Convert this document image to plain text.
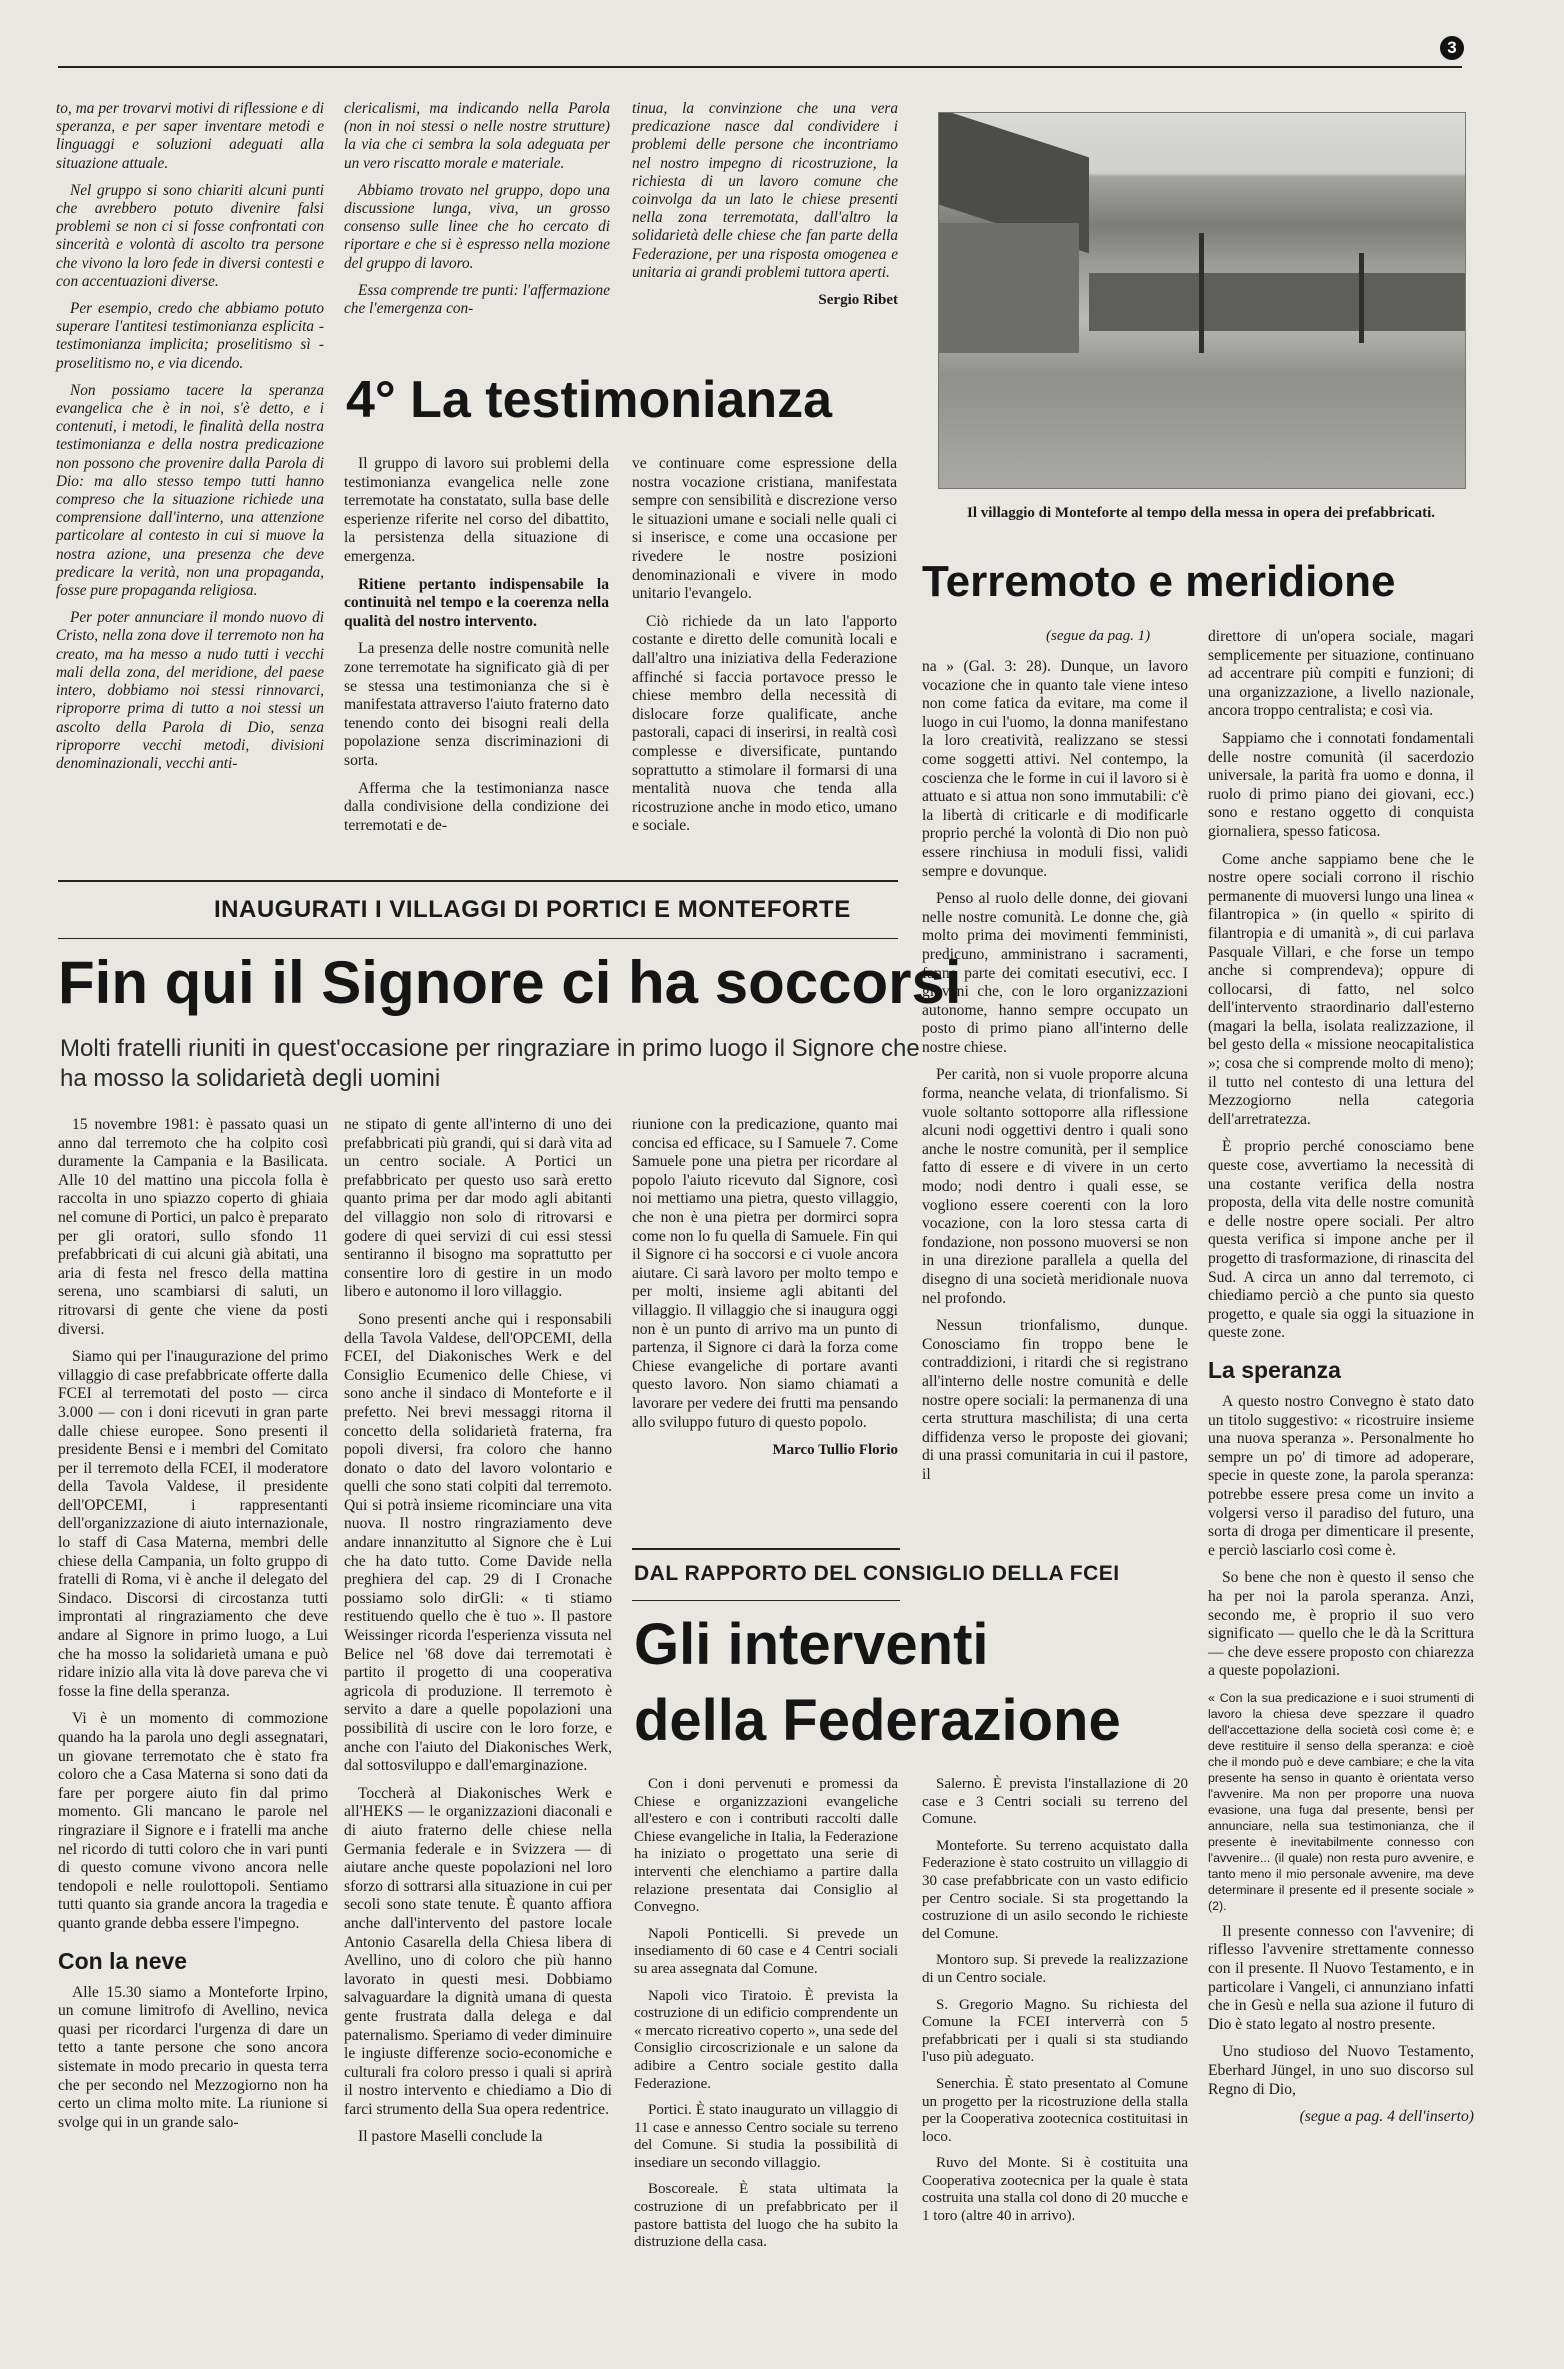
3

to, ma per trovarvi motivi di riflessione e di speranza, e per saper inventare metodi e linguaggi e soluzioni adeguati alla situazione attuale.

Nel gruppo si sono chiariti alcuni punti che avrebbero potuto divenire falsi problemi se non ci si fosse confrontati con sincerità e volontà di ascolto tra persone che vivono la loro fede in diversi contesti e con accentuazioni diverse.

Per esempio, credo che abbiamo potuto superare l'antitesi testimonianza esplicita - testimonianza implicita; proselitismo sì - proselitismo no, e via dicendo.

Non possiamo tacere la speranza evangelica che è in noi, s'è detto, e i contenuti, i metodi, le finalità della nostra testimonianza e della nostra predicazione non possono che provenire dalla Parola di Dio: ma allo stesso tempo tutti hanno compreso che la situazione richiede una comprensione dall'interno, una attenzione particolare al contesto in cui si muove la nostra azione, una presenza che deve predicare la verità, non una propaganda, fosse pure propaganda religiosa.

Per poter annunciare il mondo nuovo di Cristo, nella zona dove il terremoto non ha creato, ma ha messo a nudo tutti i vecchi mali della zona, del meridione, del paese intero, dobbiamo noi stessi rinnovarci, riproporre prima di tutto a noi stessi un ascolto della Parola di Dio, senza riproporre vecchi metodi, divisioni denominazionali, vecchi anti-

clericalismi, ma indicando nella Parola (non in noi stessi o nelle nostre strutture) la via che ci sembra la sola adeguata per un vero riscatto morale e materiale.

Abbiamo trovato nel gruppo, dopo una discussione lunga, viva, un grosso consenso sulle linee che ho cercato di riportare e che si è espresso nella mozione del gruppo di lavoro.

Essa comprende tre punti: l'affermazione che l'emergenza con-

tinua, la convinzione che una vera predicazione nasce dal condividere i problemi delle persone che incontriamo nel nostro impegno di ricostruzione, la richiesta di un lavoro comune che coinvolga da un lato le chiese presenti nella zona terremotata, dall'altro la solidarietà delle chiese che fan parte della Federazione, per una risposta omogenea e unitaria ai grandi problemi tuttora aperti.

Sergio Ribet
4° La testimonianza

Il gruppo di lavoro sui problemi della testimonianza evangelica nelle zone terremotate ha constatato, sulla base delle esperienze riferite nel corso del dibattito, la persistenza della situazione di emergenza.

Ritiene pertanto indispensabile la continuità nel tempo e la coerenza nella qualità del nostro intervento.

La presenza delle nostre comunità nelle zone terremotate ha significato già di per se stessa una testimonianza che si è manifestata attraverso l'aiuto fraterno dato tenendo conto dei bisogni reali della popolazione senza discriminazioni di sorta.

Afferma che la testimonianza nasce dalla condivisione della condizione dei terremotati e de-

ve continuare come espressione della nostra vocazione cristiana, manifestata sempre con sensibilità e discrezione verso le situazioni umane e sociali nelle quali ci si inserisce, e come una occasione per rivedere le nostre posizioni denominazionali e vivere in modo unitario l'evangelo.

Ciò richiede da un lato l'apporto costante e diretto delle comunità locali e dall'altro una iniziativa della Federazione affinché si faccia portavoce presso le chiese membro della necessità di dislocare forze qualificate, anche pastorali, capaci di inserirsi, in realtà così complesse e diversificate, puntando soprattutto a stimolare il formarsi di una mentalità nuova che tenda alla ricostruzione anche in modo etico, umano e sociale.

Il villaggio di Monteforte al tempo della messa in opera dei prefabbricati.
Terremoto e meridione
(segue da pag. 1)

na » (Gal. 3: 28). Dunque, un lavoro vocazione che in quanto tale viene inteso non come fatica da evitare, ma come il luogo in cui l'uomo, la donna manifestano la loro creatività, realizzano se stessi come soggetti attivi. Nel contempo, la coscienza che le forme in cui il lavoro si è attuato e si attua non sono immutabili: c'è la libertà di criticarle e di modificarle proprio perché la volontà di Dio non può essere rinchiusa in moduli fissi, validi sempre e dovunque.

Penso al ruolo delle donne, dei giovani nelle nostre comunità. Le donne che, già molto prima dei movimenti femministi, predicuno, amministrano i sacramenti, fanno parte dei comitati esecutivi, ecc. I giovani che, con le loro organizzazioni autonome, hanno sempre occupato un posto di primo piano all'interno delle nostre chiese.

Per carità, non si vuole proporre alcuna forma, neanche velata, di trionfalismo. Si vuole soltanto sottoporre alla riflessione alcuni nodi oggettivi dentro i quali sono anche le nostre comunità, per il semplice fatto di essere e di vivere in un certo modo; nodi dentro i quali esse, se vogliono essere coerenti con la loro vocazione, con la loro stessa carta di fondazione, non possono muoversi se non in una direzione parallela a quella del disegno di una società meridionale nuova nel profondo.

Nessun trionfalismo, dunque. Conosciamo fin troppo bene le contraddizioni, i ritardi che si registrano all'interno delle nostre comunità e delle nostre opere sociali: la permanenza di una certa struttura maschilista; di una certa diffidenza verso le proposte dei giovani; di una prassi comunitaria in cui il pastore, il

direttore di un'opera sociale, magari semplicemente per situazione, continuano ad accentrare più compiti e funzioni; di una organizzazione, a livello nazionale, ancora troppo centralista; e così via.

Sappiamo che i connotati fondamentali delle nostre comunità (il sacerdozio universale, la parità fra uomo e donna, il ruolo di primo piano dei giovani, ecc.) sono e restano oggetto di conquista giornaliera, spesso faticosa.

Come anche sappiamo bene che le nostre opere sociali corrono il rischio permanente di muoversi lungo una linea « filantropica » (in quello « spirito di filantropia e di umanità », di cui parlava Pasquale Villari, e che forse un tempo anche si comprendeva); oppure di collocarsi, di fatto, nel solco dell'intervento straordinario dall'esterno (magari la bella, isolata realizzazione, il bel gesto della « missione neocapitalistica »; cosa che si comprende molto di meno); il tutto nel contesto di una lettura del Mezzogiorno nella categoria dell'arretratezza.

È proprio perché conosciamo bene queste cose, avvertiamo la necessità di una costante verifica della nostra proposta, della vita delle nostre comunità e delle nostre opere sociali. Per altro questa verifica si impone anche per il progetto di trasformazione, di rinascita del Sud. A circa un anno dal terremoto, ci chiediamo perciò a che punto sia questo progetto, e quale sia oggi la situazione in queste zone.

La speranza

A questo nostro Convegno è stato dato un titolo suggestivo: « ricostruire insieme una nuova speranza ». Personalmente ho sempre un po' di timore ad adoperare, specie in queste zone, la parola speranza: potrebbe essere presa come un invito a volgersi verso il paradiso del futuro, una sorta di droga per dimenticare il presente, e perciò lasciarlo così come è.

So bene che non è questo il senso che ha per noi la parola speranza. Anzi, secondo me, è proprio il suo vero significato — quello che le dà la Scrittura — che deve essere proposto con chiarezza a queste popolazioni.

« Con la sua predicazione e i suoi strumenti di lavoro la chiesa deve spezzare il quadro dell'accettazione della società così come è; e deve restituire il senso della speranza: e cioè che il mondo può e deve cambiare; e che la vita presente ha senso in quanto è orientata verso l'avvenire. Ma non per proporre una nuova evasione, una fuga dal presente, bensì per annunciare, nella sua testimonianza, che il presente è inevitabilmente connesso con l'avvenire... (il quale) non resta puro avvenire, e tanto meno il mio personale avvenire, ma deve determinare il presente ed il presente sociale » (2).

Il presente connesso con l'avvenire; di riflesso l'avvenire strettamente connesso con il presente. Il Nuovo Testamento, e in particolare i Vangeli, ci annunziano infatti che in Gesù e nella sua azione il futuro di Dio è stato legato al nostro presente.

Uno studioso del Nuovo Testamento, Eberhard Jüngel, in uno suo discorso sul Regno di Dio,

(segue a pag. 4 dell'inserto)
INAUGURATI I VILLAGGI DI PORTICI E MONTEFORTE
Fin qui il Signore ci ha soccorsi
Molti fratelli riuniti in quest'occasione per ringraziare in primo luogo il Signore che ha mosso la solidarietà degli uomini

15 novembre 1981: è passato quasi un anno dal terremoto che ha colpito così duramente la Campania e la Basilicata. Alle 10 del mattino una piccola folla è raccolta in uno spiazzo coperto di ghiaia nel comune di Portici, un palco è preparato per gli oratori, sullo sfondo 11 prefabbricati di cui alcuni già abitati, una aria di festa nel fresco della mattina serena, uno scambiarsi di saluti, un ritrovarsi di gente che viene da posti diversi.

Siamo qui per l'inaugurazione del primo villaggio di case prefabbricate offerte dalla FCEI al terremotati del posto — circa 3.000 — con i doni ricevuti in gran parte dalle chiese europee. Sono presenti il presidente Bensi e i membri del Comitato per il terremoto della FCEI, il moderatore della Tavola Valdese, il presidente dell'OPCEMI, i rappresentanti dell'organizzazione di aiuto internazionale, lo staff di Casa Materna, membri delle chiese della Campania, un folto gruppo di fratelli di Roma, vi è anche il delegato del Sindaco. Discorsi di circostanza tutti improntati al ringraziamento che deve andare al Signore in primo luogo, a Lui che ha mosso la solidarietà umana e può ridare inizio alla vita là dove pareva che vi fosse la fine della speranza.

Vi è un momento di commozione quando ha la parola uno degli assegnatari, un giovane terremotato che è stato fra coloro che a Casa Materna si sono dati da fare per porgere aiuto fin dal primo momento. Gli mancano le parole nel ringraziare il Signore e i fratelli ma anche nel ricordo di tutti coloro che in vari punti di questo comune vivono ancora nelle tendopoli e nelle roulottopoli. Sentiamo tutti quanto sia grande ancora la tragedia e quanto grande debba essere l'impegno.

Con la neve

Alle 15.30 siamo a Monteforte Irpino, un comune limitrofo di Avellino, nevica quasi per ricordarci l'urgenza di dare un tetto a tante persone che sono ancora sistemate in modo precario in questa terra che per secondo nel Mezzogiorno non ha certo un clima molto mite. La riunione si svolge qui in un grande salo-

ne stipato di gente all'interno di uno dei prefabbricati più grandi, qui si darà vita ad un centro sociale. A Portici un prefabbricato per questo uso sarà eretto quanto prima per dar modo agli abitanti del villaggio non solo di ritrovarsi e godere di quei servizi di cui essi stessi sentiranno il bisogno ma soprattutto per consentire loro di gestire in un modo libero e autonomo il loro villaggio.

Sono presenti anche qui i responsabili della Tavola Valdese, dell'OPCEMI, della FCEI, del Diakonisches Werk e del Consiglio Ecumenico delle Chiese, vi sono anche il sindaco di Monteforte e il prefetto. Nei brevi messaggi ritorna il concetto della solidarietà fraterna, fra popoli diversi, fra coloro che hanno donato o dato del lavoro volontario e quelli che sono stati colpiti dal terremoto. Qui si potrà insieme ricominciare una vita nuova. Il nostro ringraziamento deve andare innanzitutto al Signore che è Lui che ha dato tutto. Come Davide nella preghiera del cap. 29 di I Cronache possiamo solo dirGli: « ti stiamo restituendo quello che è tuo ». Il pastore Weissinger ricorda l'esperienza vissuta nel Belice nel '68 dove dai terremotati è partito il progetto di una cooperativa agricola di produzione. Il terremoto è servito a dare a quelle popolazioni una possibilità di uscire con le loro forze, e anche con l'aiuto del Diakonisches Werk, dal sottosviluppo e dall'emarginazione.

Toccherà al Diakonisches Werk e all'HEKS — le organizzazioni diaconali e di aiuto fraterno delle chiese nella Germania federale e in Svizzera — di aiutare anche queste popolazioni nel loro sforzo di sottrarsi alla situazione in cui per secoli sono state tenute. È quanto affiora anche dall'intervento del pastore locale Antonio Casarella della Chiesa libera di Avellino, uno di coloro che più hanno lavorato in questi mesi. Dobbiamo salvaguardare la dignità umana di questa gente frustrata dalla delega e dal paternalismo. Speriamo di veder diminuire le ingiuste differenze socio-economiche e culturali fra coloro presso i quali si aprirà il nostro intervento e chiediamo a Dio di farci strumento della Sua opera redentrice.

Il pastore Maselli conclude la

riunione con la predicazione, quanto mai concisa ed efficace, su I Samuele 7. Come Samuele pone una pietra per ricordare al popolo l'aiuto ricevuto dal Signore, così noi mettiamo una pietra, questo villaggio, che non è una pietra per dormirci sopra come non lo fu quella di Samuele. Fin qui il Signore ci ha soccorsi e ci vuole ancora aiutare. Ci sarà lavoro per molto tempo e per molti, insieme agli abitanti del villaggio. Il villaggio che si inaugura oggi non è un punto di arrivo ma un punto di partenza, il Signore ci darà la forza come Chiese evangeliche di portare avanti questo lavoro. Non siamo chiamati a lavorare per vedere dei frutti ma pensando allo sviluppo futuro di questo popolo.

Marco Tullio Florio
DAL RAPPORTO DEL CONSIGLIO DELLA FCEI
Gli interventi
della Federazione

Con i doni pervenuti e promessi da Chiese e organizzazioni evangeliche all'estero e con i contributi raccolti dalle Chiese evangeliche in Italia, la Federazione ha iniziato o progettato una serie di interventi che elenchiamo a partire dalla relazione presentata dai Consiglio al Convegno.

Napoli Ponticelli. Si prevede un insediamento di 60 case e 4 Centri sociali su area assegnata dal Comune.

Napoli vico Tiratoio. È prevista la costruzione di un edificio comprendente un « mercato ricreativo coperto », una sede del Consiglio circoscrizionale e un salone da adibire a Centro sociale gestito dalla Federazione.

Portici. È stato inaugurato un villaggio di 11 case e annesso Centro sociale su terreno del Comune. Si studia la possibilità di insediare un secondo villaggio.

Boscoreale. È stata ultimata la costruzione di un prefabbricato per il pastore battista del luogo che ha subito la distruzione della casa.

Salerno. È prevista l'installazione di 20 case e 3 Centri sociali su terreno del Comune.

Monteforte. Su terreno acquistato dalla Federazione è stato costruito un villaggio di 30 case prefabbricate con un vasto edificio per Centro sociale. Si sta progettando la costruzione di un asilo secondo le richieste del Comune.

Montoro sup. Si prevede la realizzazione di un Centro sociale.

S. Gregorio Magno. Su richiesta del Comune la FCEI interverrà con 5 prefabbricati per i quali si sta studiando l'uso più adeguato.

Senerchia. È stato presentato al Comune un progetto per la ricostruzione della stalla per la Cooperativa zootecnica costituitasi in loco.

Ruvo del Monte. Si è costituita una Cooperativa zootecnica per la quale è stata costruita una stalla col dono di 20 mucche e 1 toro (altre 40 in arrivo).
